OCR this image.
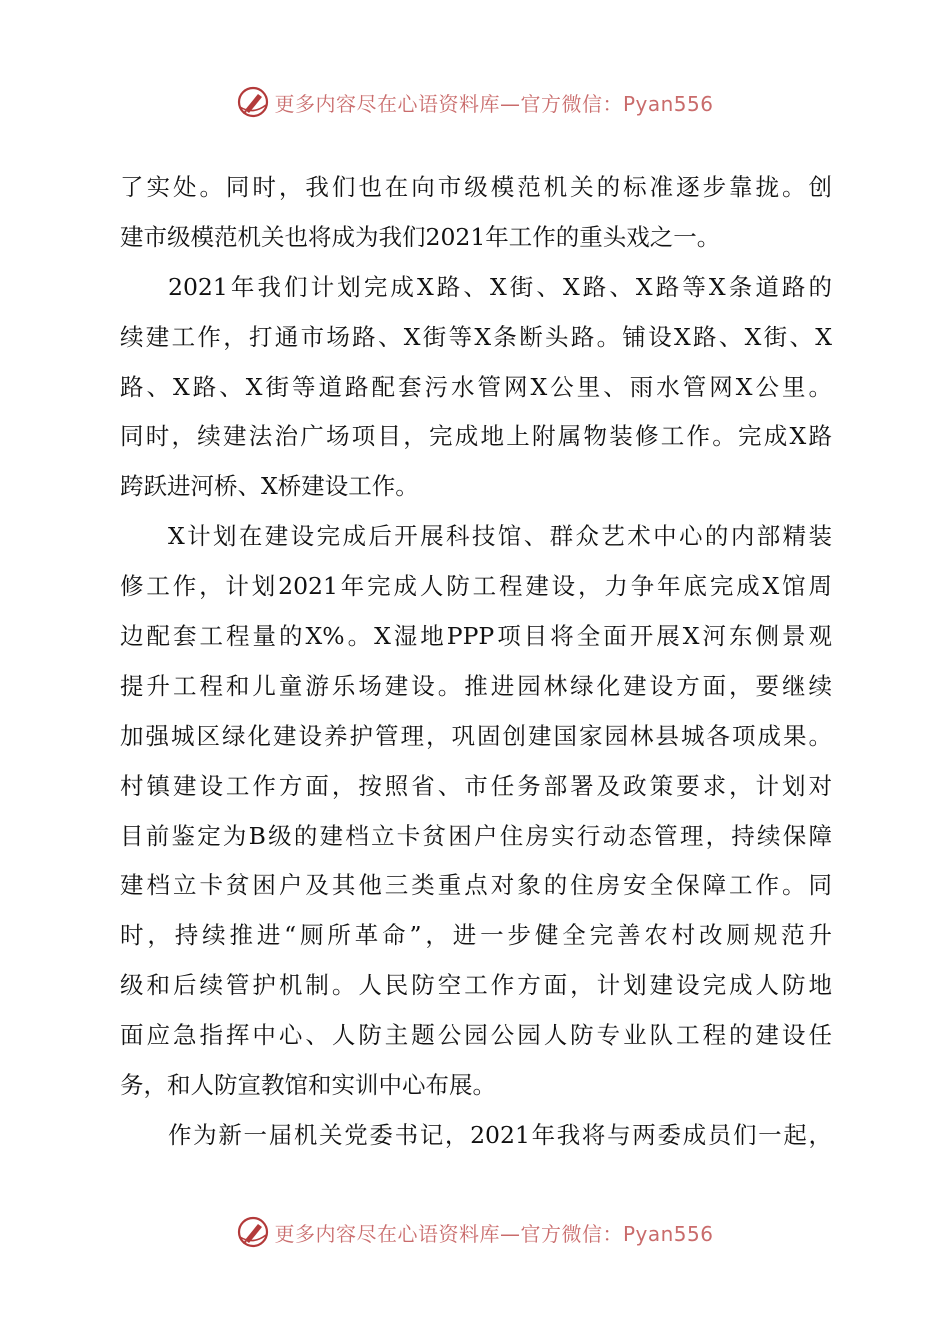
更多内容尽在心语资料库—官方微信：Pyan556
了实处。同时，我们也在向市级模范机关的标准逐步靠拢。创
建市级模范机关也将成为我们2021年工作的重头戏之一。
2021年我们计划完成X路、X街、X路、X路等X条道路的
续建工作，打通市场路、X街等X条断头路。铺设X路、X街、X
路、X路、X街等道路配套污水管网X公里、雨水管网X公里。
同时，续建法治广场项目，完成地上附属物装修工作。完成X路
跨跃进河桥、X桥建设工作。
X计划在建设完成后开展科技馆、群众艺术中心的内部精装
修工作，计划2021年完成人防工程建设，力争年底完成X馆周
边配套工程量的X%。X湿地PPP项目将全面开展X河东侧景观
提升工程和儿童游乐场建设。推进园林绿化建设方面，要继续
加强城区绿化建设养护管理，巩固创建国家园林县城各项成果。
村镇建设工作方面，按照省、市任务部署及政策要求，计划对
目前鉴定为B级的建档立卡贫困户住房实行动态管理，持续保障
建档立卡贫困户及其他三类重点对象的住房安全保障工作。同
时，持续推进“厕所革命”，进一步健全完善农村改厕规范升
级和后续管护机制。人民防空工作方面，计划建设完成人防地
面应急指挥中心、人防主题公园公园人防专业队工程的建设任
务，和人防宣教馆和实训中心布展。
作为新一届机关党委书记，2021年我将与两委成员们一起，
更多内容尽在心语资料库—官方微信：Pyan556
